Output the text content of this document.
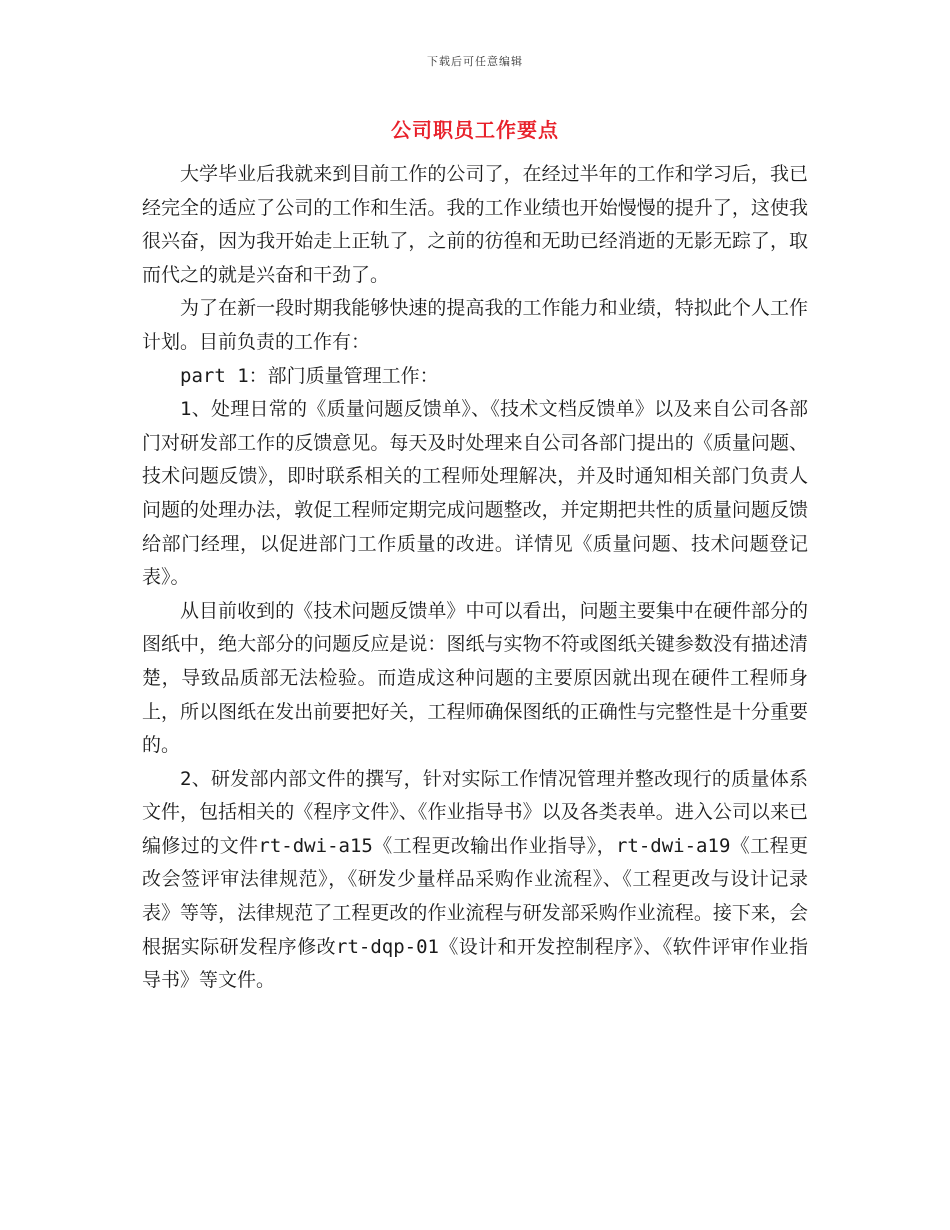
下载后可任意编辑
公司职员工作要点

大学毕业后我就来到目前工作的公司了，在经过半年的工作和学习后，我已经完全的适应了公司的工作和生活。我的工作业绩也开始慢慢的提升了，这使我很兴奋，因为我开始走上正轨了，之前的彷徨和无助已经消逝的无影无踪了，取而代之的就是兴奋和干劲了。

为了在新一段时期我能够快速的提高我的工作能力和业绩，特拟此个人工作计划。目前负责的工作有：

part 1：部门质量管理工作：

1、处理日常的《质量问题反馈单》、《技术文档反馈单》以及来自公司各部门对研发部工作的反馈意见。每天及时处理来自公司各部门提出的《质量问题、技术问题反馈》，即时联系相关的工程师处理解决，并及时通知相关部门负责人问题的处理办法，敦促工程师定期完成问题整改，并定期把共性的质量问题反馈给部门经理，以促进部门工作质量的改进。详情见《质量问题、技术问题登记表》。

从目前收到的《技术问题反馈单》中可以看出，问题主要集中在硬件部分的图纸中，绝大部分的问题反应是说：图纸与实物不符或图纸关键参数没有描述清楚，导致品质部无法检验。而造成这种问题的主要原因就出现在硬件工程师身上，所以图纸在发出前要把好关，工程师确保图纸的正确性与完整性是十分重要的。

2、研发部内部文件的撰写，针对实际工作情况管理并整改现行的质量体系文件，包括相关的《程序文件》、《作业指导书》以及各类表单。进入公司以来已编修过的文件rt-dwi-a15《工程更改输出作业指导》，rt-dwi-a19《工程更改会签评审法律规范》，《研发少量样品采购作业流程》、《工程更改与设计记录表》等等，法律规范了工程更改的作业流程与研发部采购作业流程。接下来，会根据实际研发程序修改rt-dqp-01《设计和开发控制程序》、《软件评审作业指导书》等文件。
